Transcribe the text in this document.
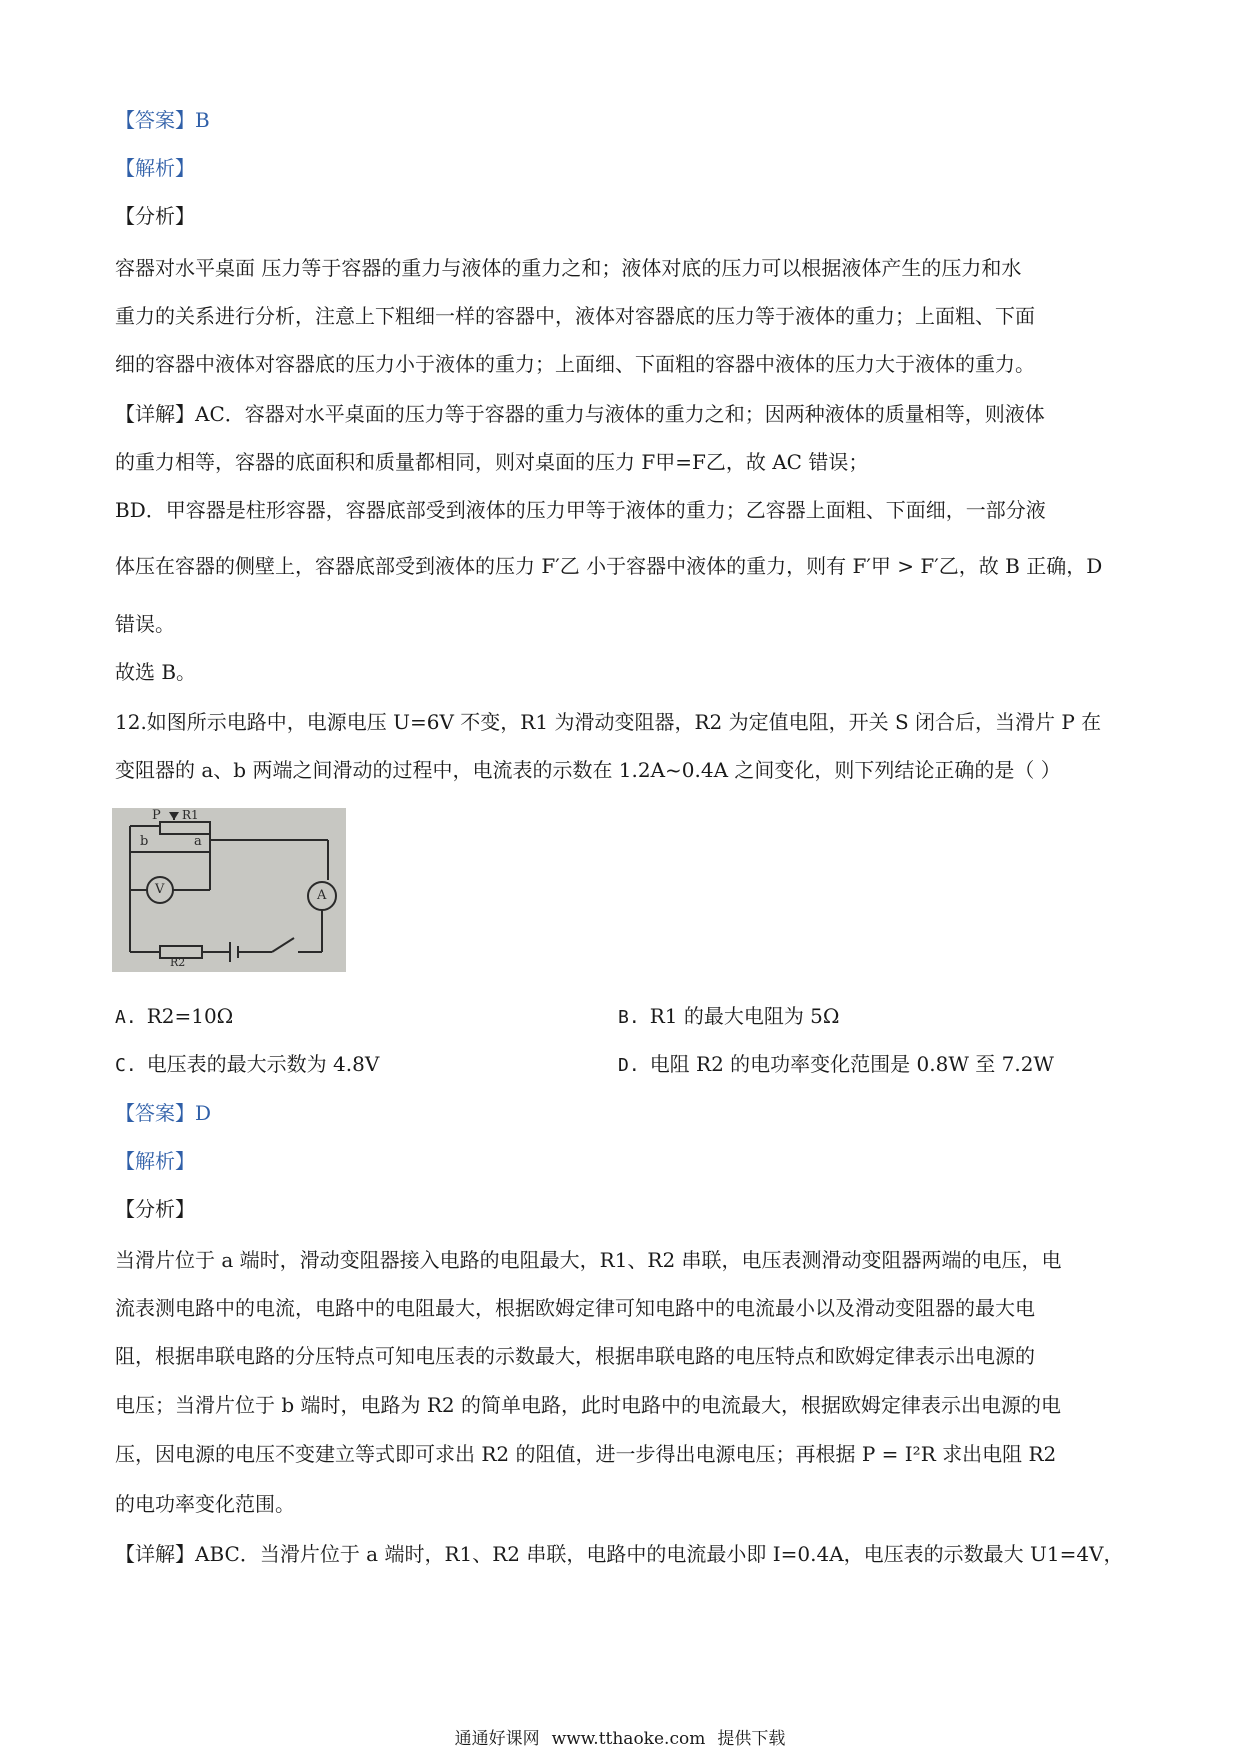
【答案】B
【解析】
【分析】
容器对水平桌面 压力等于容器的重力与液体的重力之和；液体对底的压力可以根据液体产生的压力和水
重力的关系进行分析，注意上下粗细一样的容器中，液体对容器底的压力等于液体的重力；上面粗、下面
细的容器中液体对容器底的压力小于液体的重力；上面细、下面粗的容器中液体的压力大于液体的重力。
【详解】AC．容器对水平桌面的压力等于容器的重力与液体的重力之和；因两种液体的质量相等，则液体
的重力相等，容器的底面积和质量都相同，则对桌面的压力 F甲=F乙，故 AC 错误；
BD．甲容器是柱形容器，容器底部受到液体的压力甲等于液体的重力；乙容器上面粗、下面细，一部分液
体压在容器的侧壁上，容器底部受到液体的压力 F′乙 小于容器中液体的重力，则有 F′甲 > F′乙，故 B 正确，D
错误。
故选 B。
12.如图所示电路中，电源电压 U=6V 不变，R1 为滑动变阻器，R2 为定值电阻，开关 S 闭合后，当滑片 P 在
变阻器的 a、b 两端之间滑动的过程中，电流表的示数在 1.2A~0.4A 之间变化，则下列结论正确的是（ ）
P R1
b	a
V	A
R2
A. R2=10Ω	B. R1 的最大电阻为 5Ω
C. 电压表的最大示数为 4.8V	D. 电阻 R2 的电功率变化范围是 0.8W 至 7.2W
【答案】D
【解析】
【分析】
当滑片位于 a 端时，滑动变阻器接入电路的电阻最大，R1、R2 串联，电压表测滑动变阻器两端的电压，电
流表测电路中的电流，电路中的电阻最大，根据欧姆定律可知电路中的电流最小以及滑动变阻器的最大电
阻，根据串联电路的分压特点可知电压表的示数最大，根据串联电路的电压特点和欧姆定律表示出电源的
电压；当滑片位于 b 端时，电路为 R2 的简单电路，此时电路中的电流最大，根据欧姆定律表示出电源的电
压，因电源的电压不变建立等式即可求出 R2 的阻值，进一步得出电源电压；再根据 P = I²R 求出电阻 R2
的电功率变化范围。
【详解】ABC．当滑片位于 a 端时，R1、R2 串联，电路中的电流最小即 I=0.4A，电压表的示数最大 U1=4V，
通通好课网 www.tthaoke.com 提供下载
